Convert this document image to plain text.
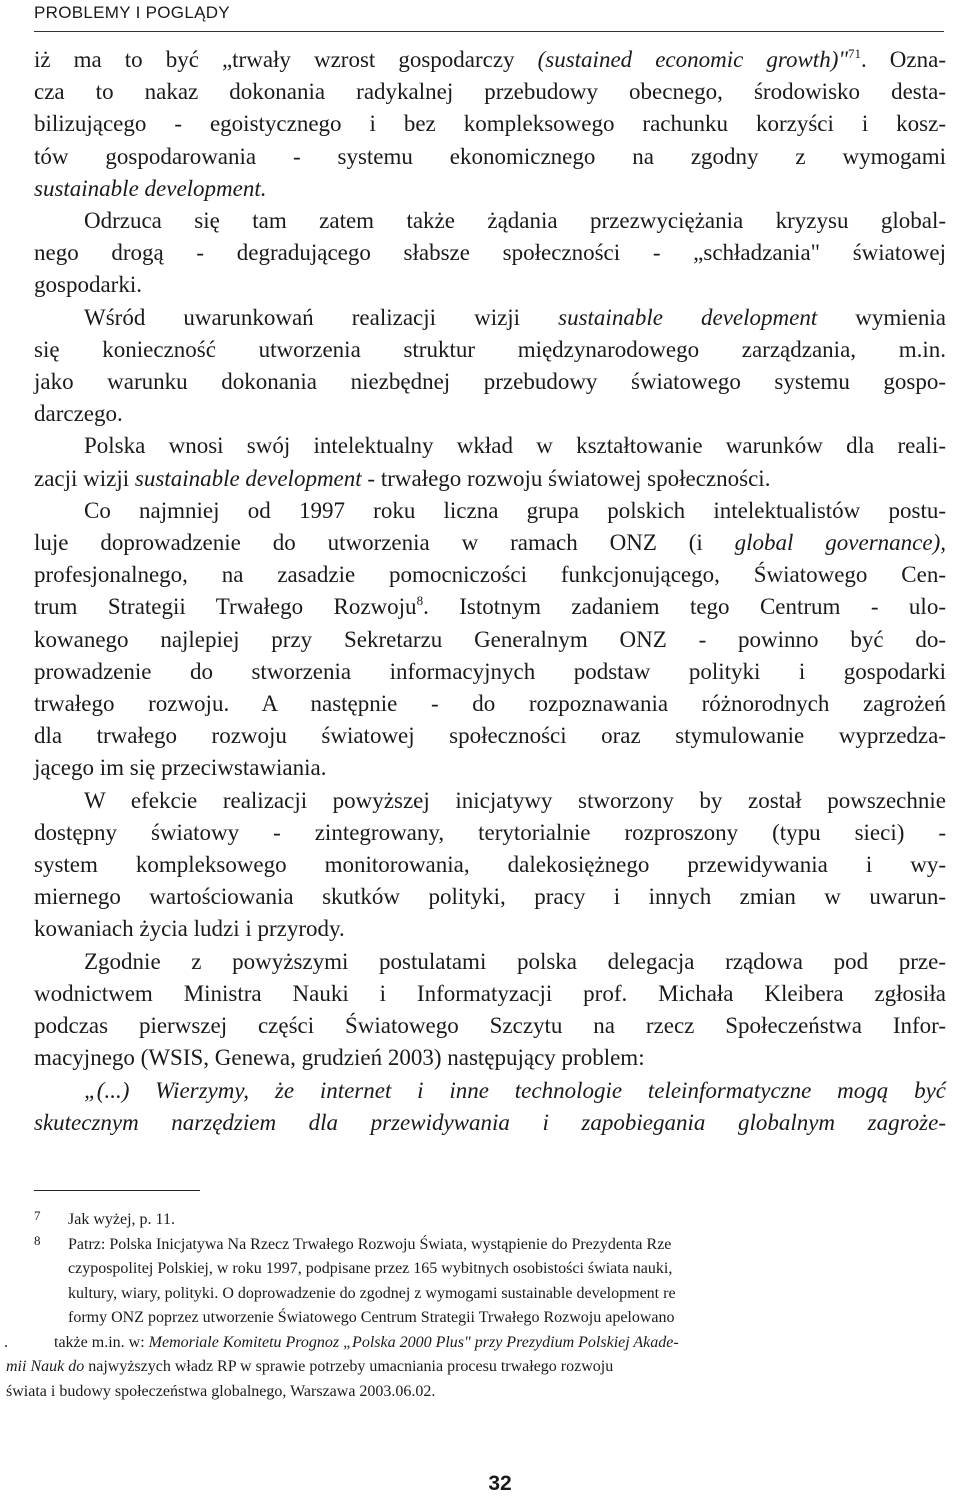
PROBLEMY I POGLĄDY
iż ma to być „trwały wzrost gospodarczy (sustained economic growth)"$^{71}$. Ozna-
cza to nakaz dokonania radykalnej przebudowy obecnego, środowisko desta-
bilizującego - egoistycznego i bez kompleksowego rachunku korzyści i kosz-
tów gospodarowania - systemu ekonomicznego na zgodny z wymogami
sustainable development.
Odrzuca się tam zatem także żądania przezwyciężania kryzysu global-
nego drogą - degradującego słabsze społeczności - „schładzania" światowej
gospodarki.
Wśród uwarunkowań realizacji wizji sustainable development wymienia
się konieczność utworzenia struktur międzynarodowego zarządzania, m.in.
jako warunku dokonania niezbędnej przebudowy światowego systemu gospo-
darczego.
Polska wnosi swój intelektualny wkład w kształtowanie warunków dla reali-
zacji wizji sustainable development - trwałego rozwoju światowej społeczności.
Co najmniej od 1997 roku liczna grupa polskich intelektualistów postu-
luje doprowadzenie do utworzenia w ramach ONZ (i global governance),
profesjonalnego, na zasadzie pomocniczości funkcjonującego, Światowego Cen-
trum Strategii Trwałego Rozwoju$^8$. Istotnym zadaniem tego Centrum - ulo-
kowanego najlepiej przy Sekretarzu Generalnym ONZ - powinno być do-
prowadzenie do stworzenia informacyjnych podstaw polityki i gospodarki
trwałego rozwoju. A następnie - do rozpoznawania różnorodnych zagrożeń
dla trwałego rozwoju światowej społeczności oraz stymulowanie wyprzedza-
jącego im się przeciwstawiania.
W efekcie realizacji powyższej inicjatywy stworzony by został powszechnie
dostępny światowy - zintegrowany, terytorialnie rozproszony (typu sieci) -
system kompleksowego monitorowania, dalekosiężnego przewidywania i wy-
miernego wartościowania skutków polityki, pracy i innych zmian w uwarun-
kowaniach życia ludzi i przyrody.
Zgodnie z powyższymi postulatami polska delegacja rządowa pod prze-
wodnictwem Ministra Nauki i Informatyzacji prof. Michała Kleibera zgłosiła
podczas pierwszej części Światowego Szczytu na rzecz Społeczeństwa Infor-
macyjnego (WSIS, Genewa, grudzień 2003) następujący problem:
„(...) Wierzymy, że internet i inne technologie teleinformatyczne mogą być
skutecznym narzędziem dla przewidywania i zapobiegania globalnym zagroże-
7	Jak wyżej, p. 11.
8	Patrz: Polska Inicjatywa Na Rzecz Trwałego Rozwoju Świata, wystąpienie do Prezydenta Rze
czypospolitej Polskiej, w roku 1997, podpisane przez 165 wybitnych osobistości świata nauki,
kultury, wiary, polityki. O doprowadzenie do zgodnej z wymogami sustainable development re
formy ONZ poprzez utworzenie Światowego Centrum Strategii Trwałego Rozwoju apelowano
.	także m.in. w: Memoriale Komitetu Prognoz „Polska 2000 Plus" przy Prezydium Polskiej Akade-
mii Nauk do najwyższych władz RP w sprawie potrzeby umacniania procesu trwałego rozwoju
świata i budowy społeczeństwa globalnego, Warszawa 2003.06.02.
32
